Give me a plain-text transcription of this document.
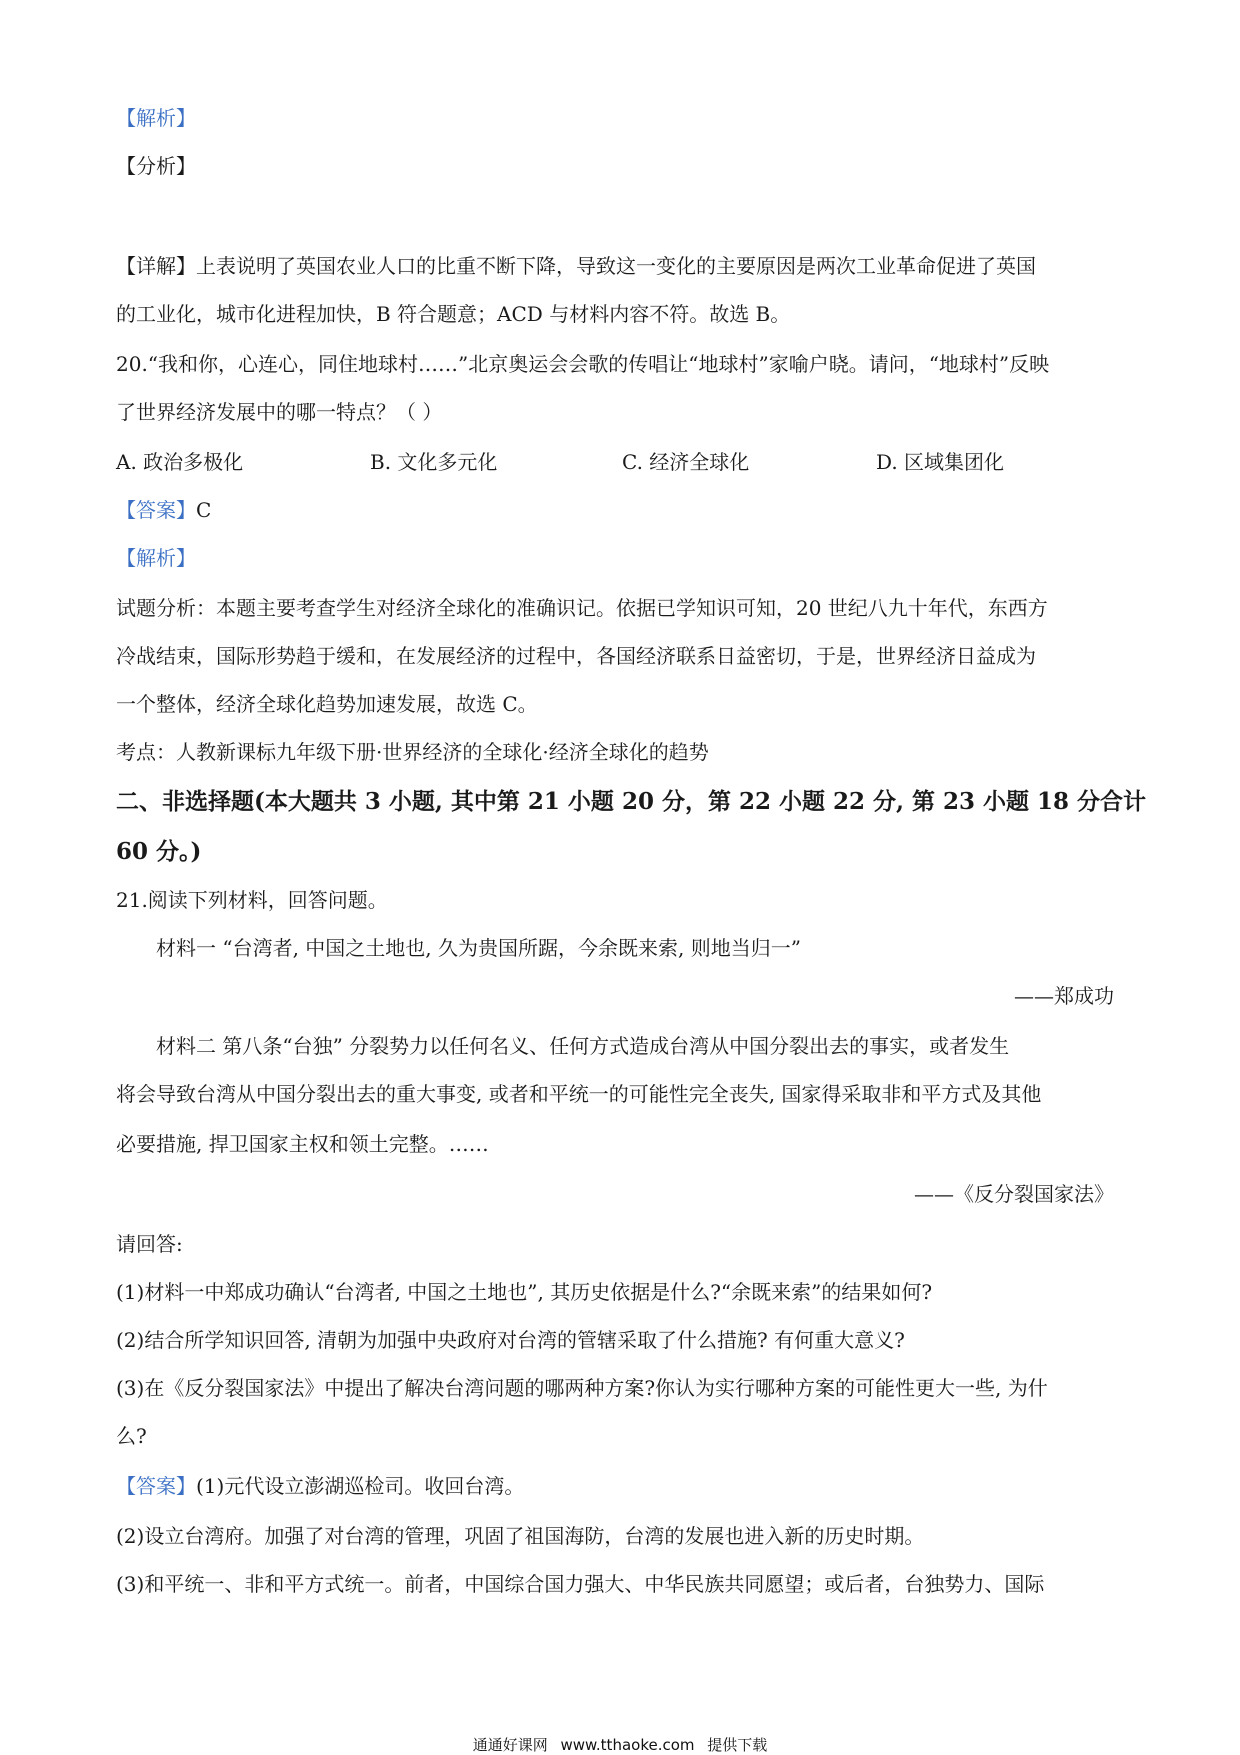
【解析】
【分析】
【详解】上表说明了英国农业人口的比重不断下降，导致这一变化的主要原因是两次工业革命促进了英国
的工业化，城市化进程加快，B 符合题意；ACD 与材料内容不符。故选 B。
20.“我和你，心连心，同住地球村……”北京奥运会会歌的传唱让“地球村”家喻户晓。请问，“地球村”反映
了世界经济发展中的哪一特点？（ ）
A. 政治多极化	B. 文化多元化	C. 经济全球化	D. 区域集团化
【答案】C
【解析】
试题分析：本题主要考查学生对经济全球化的准确识记。依据已学知识可知，20 世纪八九十年代，东西方
冷战结束，国际形势趋于缓和，在发展经济的过程中，各国经济联系日益密切，于是，世界经济日益成为
一个整体，经济全球化趋势加速发展，故选 C。
考点：人教新课标九年级下册·世界经济的全球化·经济全球化的趋势
二、非选择题(本大题共 3 小题, 其中第 21 小题 20 分，第 22 小题 22 分, 第 23 小题 18 分合计
60 分。)
21.阅读下列材料，回答问题。
材料一 “台湾者, 中国之土地也, 久为贵国所踞，今余既来索, 则地当归一”
——郑成功
材料二 第八条“台独” 分裂势力以任何名义、任何方式造成台湾从中国分裂出去的事实，或者发生
将会导致台湾从中国分裂出去的重大事变, 或者和平统一的可能性完全丧失, 国家得采取非和平方式及其他
必要措施, 捍卫国家主权和领土完整。……
——《反分裂国家法》
请回答:
(1)材料一中郑成功确认“台湾者, 中国之土地也”, 其历史依据是什么?“余既来索”的结果如何?
(2)结合所学知识回答, 清朝为加强中央政府对台湾的管辖采取了什么措施? 有何重大意义?
(3)在《反分裂国家法》中提出了解决台湾问题的哪两种方案?你认为实行哪种方案的可能性更大一些, 为什
么?
【答案】(1)元代设立澎湖巡检司。收回台湾。
(2)设立台湾府。加强了对台湾的管理，巩固了祖国海防，台湾的发展也进入新的历史时期。
(3)和平统一、非和平方式统一。前者，中国综合国力强大、中华民族共同愿望；或后者，台独势力、国际
通通好课网 www.tthaoke.com 提供下载
